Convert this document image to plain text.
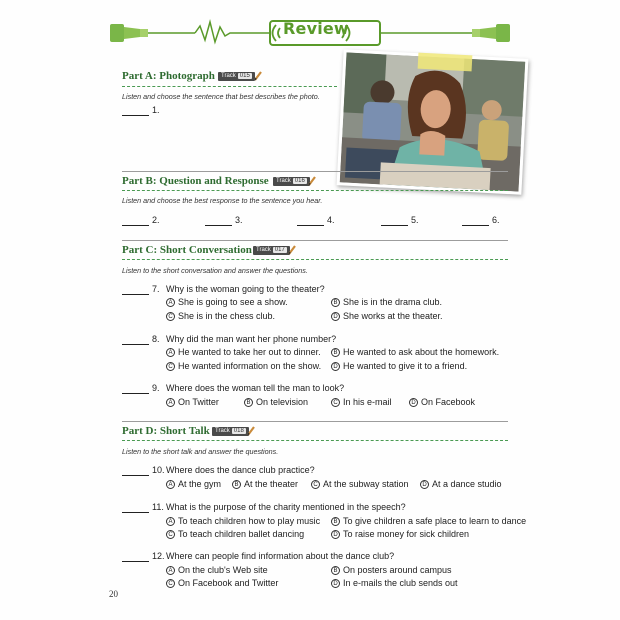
Review
Part A: Photograph	Track 015
Listen and choose the sentence that best describes the photo.
1.
Part B: Question and Response	Track 016
Listen and choose the best response to the sentence you hear.
2.	3.	4.	5.	6.
Part C: Short Conversation Track 017
Listen to the short conversation and answer the questions.
7. Why is the woman going to the theater?
A She is going to see a show.	B She is in the drama club.
C She is in the chess club.	D She works at the theater.
8. Why did the man want her phone number?
A He wanted to take her out to dinner.	B He wanted to ask about the homework.
C He wanted information on the show.	D He wanted to give it to a friend.
9. Where does the woman tell the man to look?
A On Twitter	B On television	C In his e-mail	D On Facebook
Part D: Short Talk Track 018
Listen to the short talk and answer the questions.
10. Where does the dance club practice?
A At the gym	B At the theater	C At the subway station	D At a dance studio
11. What is the purpose of the charity mentioned in the speech?
A To teach children how to play music	B To give children a safe place to learn to dance
C To teach children ballet dancing	D To raise money for sick children
12. Where can people find information about the dance club?
A On the club's Web site	B On posters around campus
C On Facebook and Twitter	D In e-mails the club sends out
20
